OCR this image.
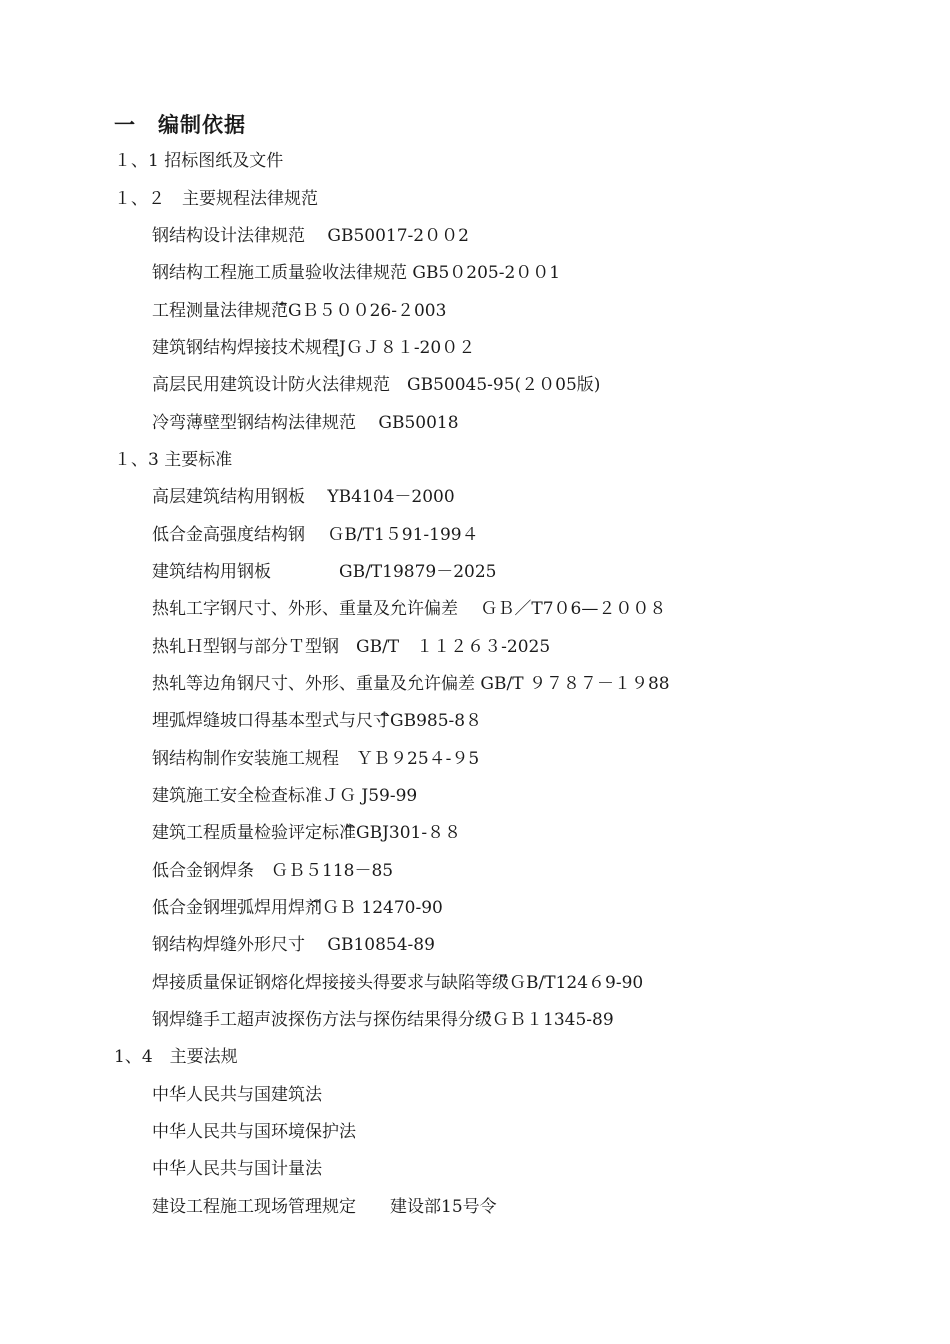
一　编制依据
１、1 招标图纸及文件
１、２　主要规程法律规范
钢结构设计法律规范　 GB50017-2００2
钢结构工程施工质量验收法律规范 GB5０205-2００1
工程测量法律规范ิGＢ５００26-２003
建筑钢结构焊接技术规程ิJＧＪ８１-20０２
高层民用建筑设计防火法律规范　GB50045-95(２０05版)
冷弯薄壁型钢结构法律规范　 GB50018
１、3 主要标准
高层建筑结构用钢板　 YB4104－2000
低合金高强度结构钢　 ＧB/T1５91-199４
建筑结构用钢板　　　　GB/T19879－2025
热轧工字钢尺寸、外形、重量及允许偏差　 ＧＢ／T7０6—２００８
热轧Ｈ型钢与部分Ｔ型钢　GB/T　１１２６３-2025
热轧等边角钢尺寸、外形、重量及允许偏差 GB/T ９７８７－１９88
埋弧焊缝坡口得基本型式与尺寸ิGB985-8８
钢结构制作安装施工规程　ＹＢ９25４-９5
建筑施工安全检查标准ＪＧ J59-99
建筑工程质量检验评定标准ิGBJ301-８８
低合金钢焊条　ＧＢ５118－85
低合金钢埋弧焊用焊剂ิＧＢ 12470-90
钢结构焊缝外形尺寸　 GB10854-89
焊接质量保证钢熔化焊接接头得要求与缺陷等级ิＧB/T124６9-90
钢焊缝手工超声波探伤方法与探伤结果得分级ิＧＢ１1345-89
1、4　主要法规
中华人民共与国建筑法
中华人民共与国环境保护法
中华人民共与国计量法
建设工程施工现场管理规定　　建设部15号令
